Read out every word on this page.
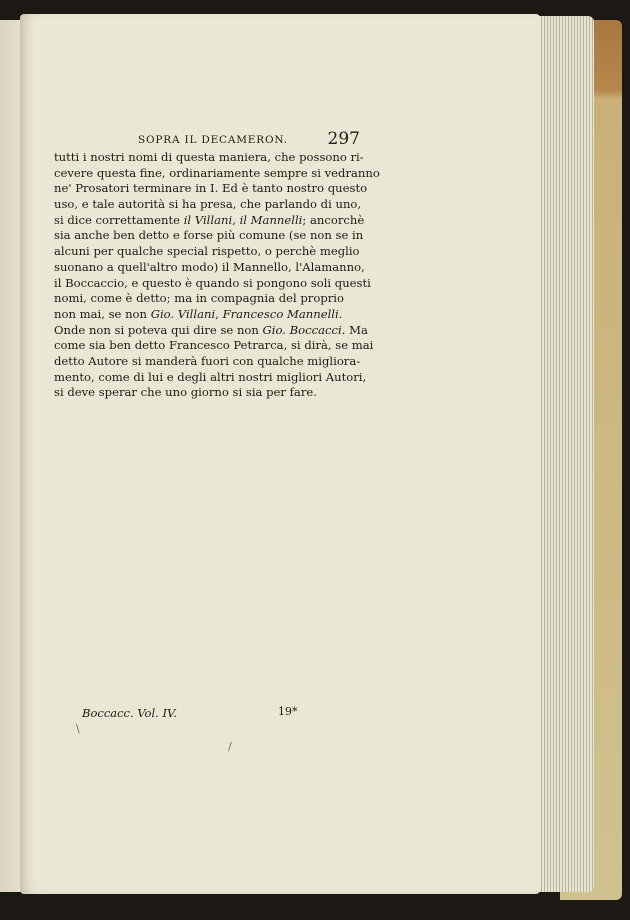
SOPRA IL DECAMERON. 297
tutti i nostri nomi di questa maniera, che possono ri-
cevere questa fine, ordinariamente sempre si vedranno
ne' Prosatori terminare in I. Ed è tanto nostro questo
uso, e tale autorità si ha presa, che parlando di uno,
si dice correttamente il Villani, il Mannelli; ancorchè
sia anche ben detto e forse più comune (se non se in
alcuni per qualche special rispetto, o perchè meglio
suonano a quell'altro modo) il Mannello, l'Alamanno,
il Boccaccio, e questo è quando si pongono soli questi
nomi, come è detto; ma in compagnia del proprio
non mai, se non Gio. Villani, Francesco Mannelli.
Onde non si poteva qui dire se non Gio. Boccacci. Ma
come sia ben detto Francesco Petrarca, si dirà, se mai
detto Autore si manderà fuori con qualche migliora-
mento, come di lui e degli altri nostri migliori Autori,
si deve sperar che uno giorno si sia per fare.
Boccacc. Vol. IV.	19*
/
\
